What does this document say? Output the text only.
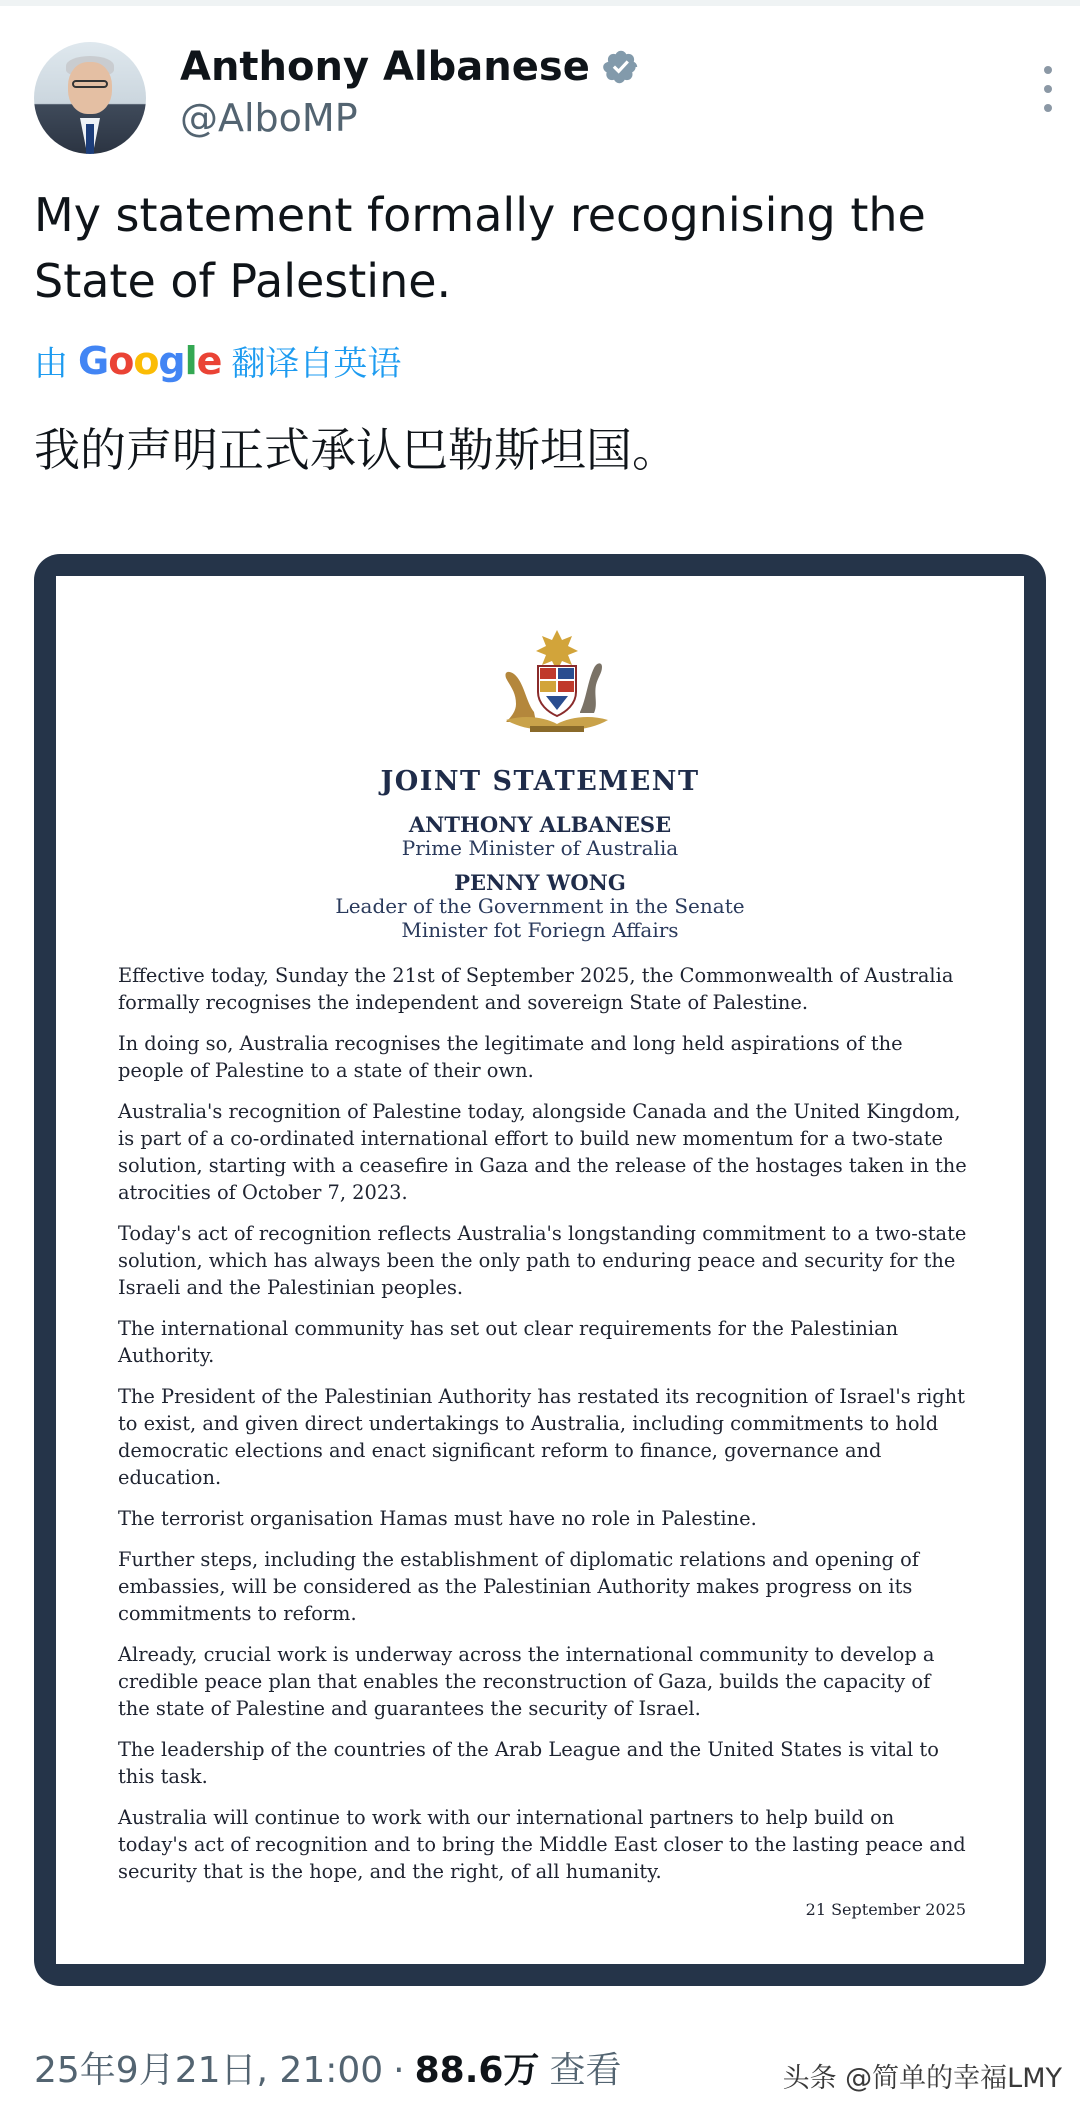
Anthony Albanese
@AlboMP
My statement formally recognising the State of Palestine.
由 Google 翻译自英语
我的声明正式承认巴勒斯坦国。
JOINT STATEMENT
ANTHONY ALBANESE
Prime Minister of Australia
PENNY WONG
Leader of the Government in the Senate
Minister fot Foriegn Affairs

Effective today, Sunday the 21st of September 2025, the Commonwealth of Australia formally recognises the independent and sovereign State of Palestine.

In doing so, Australia recognises the legitimate and long held aspirations of the people of Palestine to a state of their own.

Australia's recognition of Palestine today, alongside Canada and the United Kingdom, is part of a co-ordinated international effort to build new momentum for a two-state solution, starting with a ceasefire in Gaza and the release of the hostages taken in the atrocities of October 7, 2023.

Today's act of recognition reflects Australia's longstanding commitment to a two-state solution, which has always been the only path to enduring peace and security for the Israeli and the Palestinian peoples.

The international community has set out clear requirements for the Palestinian Authority.

The President of the Palestinian Authority has restated its recognition of Israel's right to exist, and given direct undertakings to Australia, including commitments to hold democratic elections and enact significant reform to finance, governance and education.

The terrorist organisation Hamas must have no role in Palestine.

Further steps, including the establishment of diplomatic relations and opening of embassies, will be considered as the Palestinian Authority makes progress on its commitments to reform.

Already, crucial work is underway across the international community to develop a credible peace plan that enables the reconstruction of Gaza, builds the capacity of the state of Palestine and guarantees the security of Israel.

The leadership of the countries of the Arab League and the United States is vital to this task.

Australia will continue to work with our international partners to help build on today's act of recognition and to bring the Middle East closer to the lasting peace and security that is the hope, and the right, of all humanity.

21 September 2025
25年9月21日, 21:00 · 88.6万 查看	头条 @简单的幸福LMY
